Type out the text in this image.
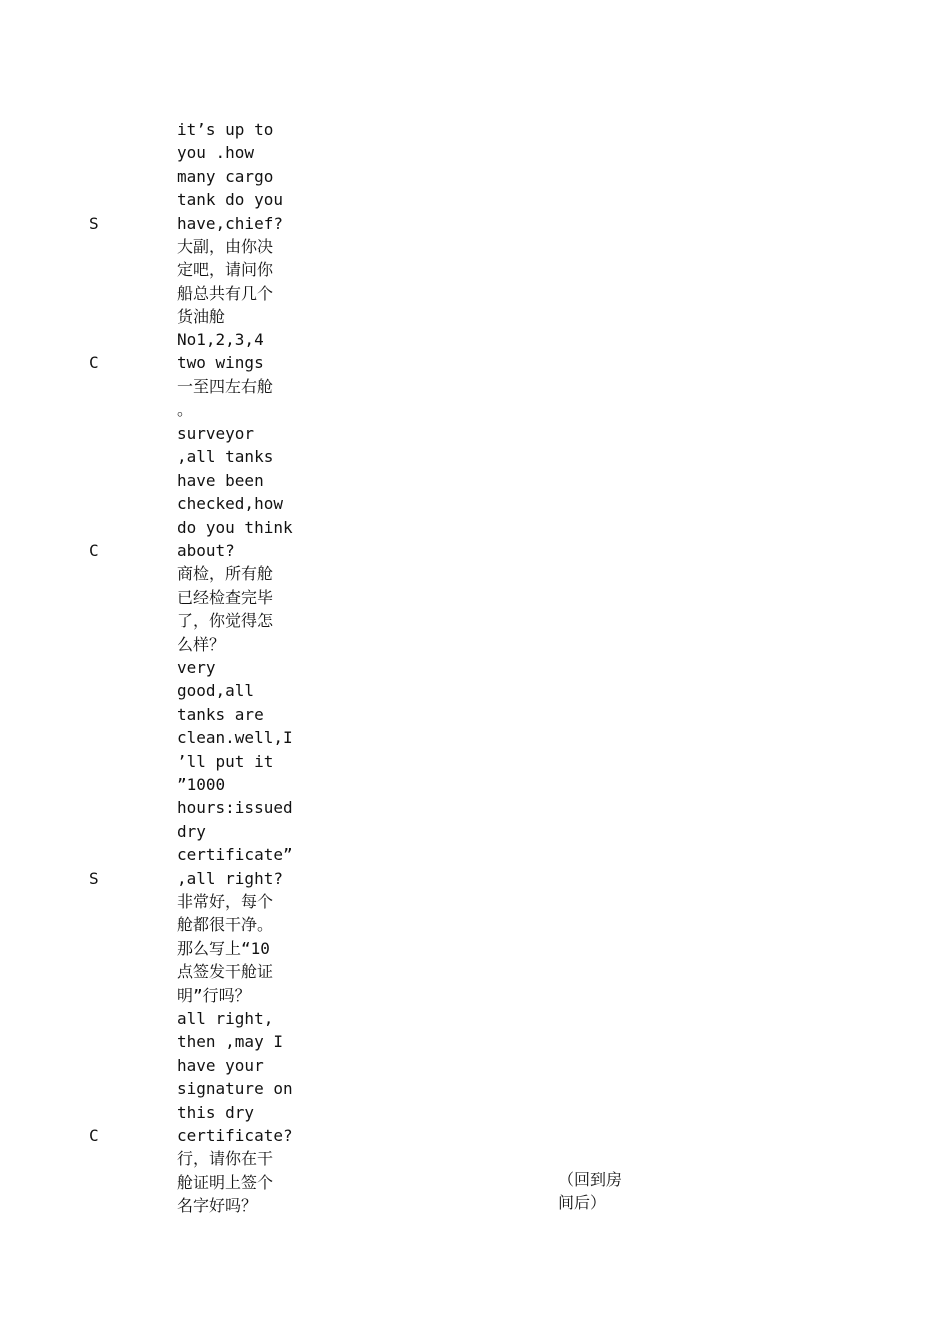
S

it’s up to
you .how
many cargo
tank do you
have,chief?
大副，由你决
定吧，请问你
船总共有几个
货油舱

C

No1,2,3,4
two wings
一至四左右舱
。

C

surveyor
,all tanks
have been
checked,how
do you think
about?
商检，所有舱
已经检查完毕
了，你觉得怎
么样？

S

very
good,all
tanks are
clean.well,I
’ll put it
”1000
hours:issued
dry
certificate”
,all right?
非常好，每个
舱都很干净。
那么写上“10
点签发干舱证
明”行吗？

C

all right,
then ,may I
have your
signature on
this dry
certificate?
行，请你在干
舱证明上签个
名字好吗？

（回到房
间后）
